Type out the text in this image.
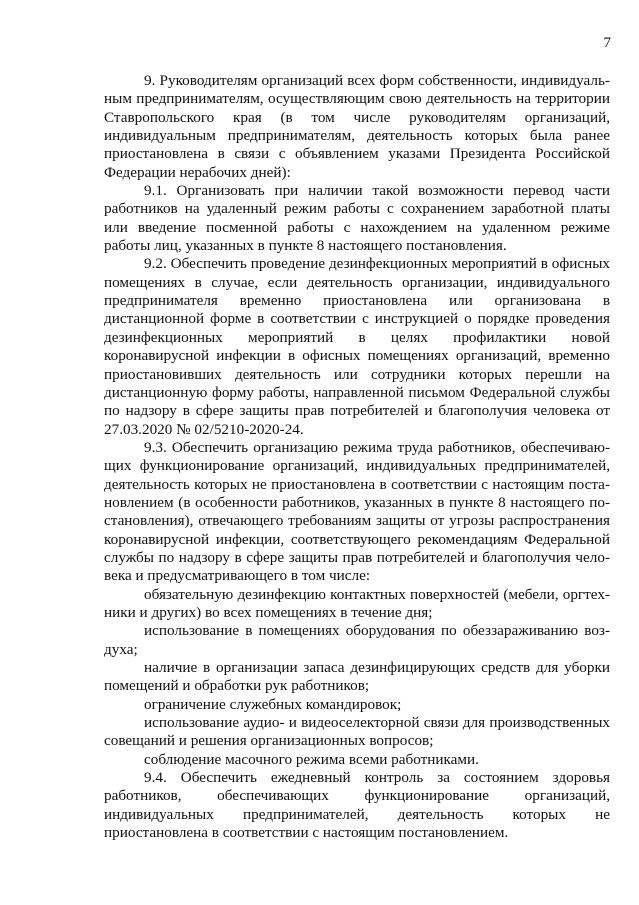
7

9. Руководителям организаций всех форм собственности, индивидуальным предпринимателям, осуществляющим свою деятельность на территории Ставропольского края (в том числе руководителям организаций, индивидуальным предпринимателям, деятельность которых была ранее приостановлена в связи с объявлением указами Президента Российской Федерации нерабочих дней):

9.1. Организовать при наличии такой возможности перевод части работников на удаленный режим работы с сохранением заработной платы или введение посменной работы с нахождением на удаленном режиме работы лиц, указанных в пункте 8 настоящего постановления.

9.2. Обеспечить проведение дезинфекционных мероприятий в офисных помещениях в случае, если деятельность организации, индивидуального предпринимателя временно приостановлена или организована в дистанционной форме в соответствии с инструкцией о порядке проведения дезинфекционных мероприятий в целях профилактики новой коронавирусной инфекции в офисных помещениях организаций, временно приостановивших деятельность или сотрудники которых перешли на дистанционную форму работы, направленной письмом Федеральной службы по надзору в сфере защиты прав потребителей и благополучия человека от 27.03.2020 № 02/5210-2020-24.

9.3. Обеспечить организацию режима труда работников, обеспечивающих функционирование организаций, индивидуальных предпринимателей, деятельность которых не приостановлена в соответствии с настоящим постановлением (в особенности работников, указанных в пункте 8 настоящего постановления), отвечающего требованиям защиты от угрозы распространения коронавирусной инфекции, соответствующего рекомендациям Федеральной службы по надзору в сфере защиты прав потребителей и благополучия человека и предусматривающего в том числе:

обязательную дезинфекцию контактных поверхностей (мебели, оргтехники и других) во всех помещениях в течение дня;

использование в помещениях оборудования по обеззараживанию воздуха;

наличие в организации запаса дезинфицирующих средств для уборки помещений и обработки рук работников;

ограничение служебных командировок;

использование аудио- и видеоселекторной связи для производственных совещаний и решения организационных вопросов;

соблюдение масочного режима всеми работниками.

9.4. Обеспечить ежедневный контроль за состоянием здоровья работников, обеспечивающих функционирование организаций, индивидуальных предпринимателей, деятельность которых не приостановлена в соответствии с настоящим постановлением.
